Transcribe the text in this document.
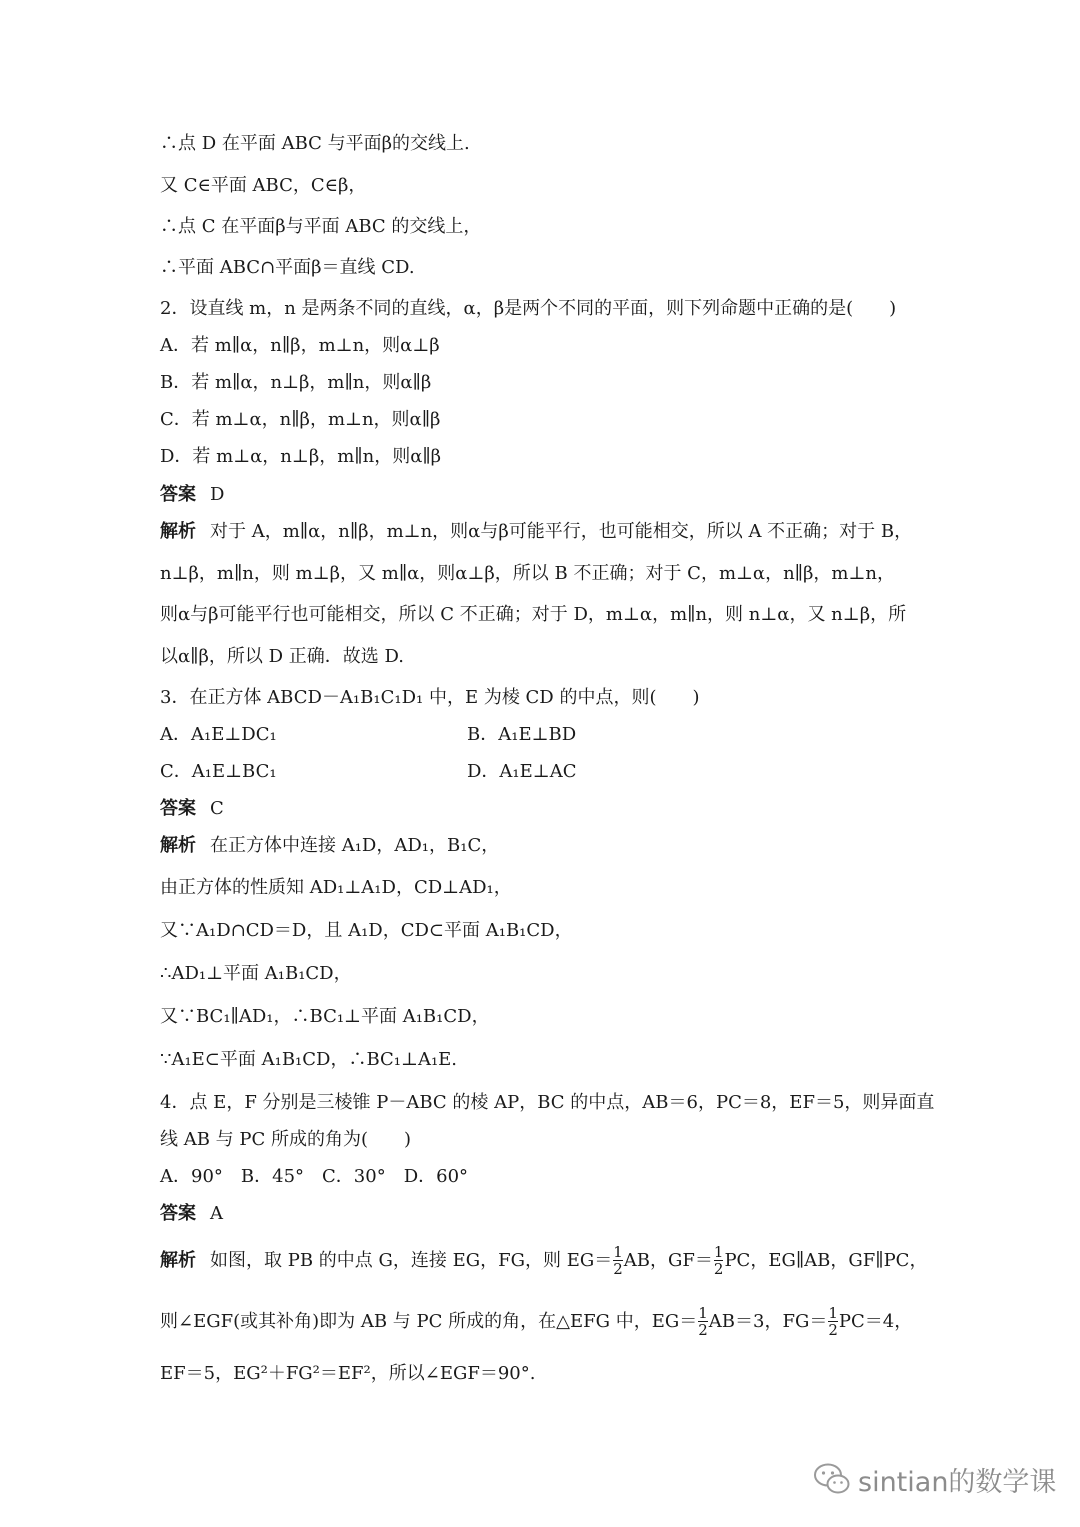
∴点 D 在平面 ABC 与平面β的交线上.
又 C∈平面 ABC，C∈β，
∴点 C 在平面β与平面 ABC 的交线上，
∴平面 ABC∩平面β＝直线 CD.
2．设直线 m，n 是两条不同的直线，α，β是两个不同的平面，则下列命题中正确的是(　　)
A．若 m∥α，n∥β，m⊥n，则α⊥β
B．若 m∥α，n⊥β，m∥n，则α∥β
C．若 m⊥α，n∥β，m⊥n，则α∥β
D．若 m⊥α，n⊥β，m∥n，则α∥β
答案 D
解析 对于 A，m∥α，n∥β，m⊥n，则α与β可能平行，也可能相交，所以 A 不正确；对于 B，
n⊥β，m∥n，则 m⊥β，又 m∥α，则α⊥β，所以 B 不正确；对于 C，m⊥α，n∥β，m⊥n，
则α与β可能平行也可能相交，所以 C 不正确；对于 D，m⊥α，m∥n，则 n⊥α，又 n⊥β，所
以α∥β，所以 D 正确．故选 D.
3．在正方体 ABCD－A₁B₁C₁D₁ 中，E 为棱 CD 的中点，则(　　)
A．A₁E⊥DC₁	B．A₁E⊥BD
C．A₁E⊥BC₁	D．A₁E⊥AC
答案 C
解析 在正方体中连接 A₁D，AD₁，B₁C，
由正方体的性质知 AD₁⊥A₁D，CD⊥AD₁，
又∵A₁D∩CD＝D，且 A₁D，CD⊂平面 A₁B₁CD，
∴AD₁⊥平面 A₁B₁CD，
又∵BC₁∥AD₁，∴BC₁⊥平面 A₁B₁CD，
∵A₁E⊂平面 A₁B₁CD，∴BC₁⊥A₁E.
4．点 E，F 分别是三棱锥 P－ABC 的棱 AP，BC 的中点，AB＝6，PC＝8，EF＝5，则异面直
线 AB 与 PC 所成的角为(　　)
A．90°　B．45°　C．30°　D．60°
答案 A
解析 如图，取 PB 的中点 G，连接 EG，FG，则 $EG= \frac{1}{2}$ AB，$GF= \frac{1}{2}$ PC，EG∥AB，GF∥PC，
则∠EGF(或其补角)即为 AB 与 PC 所成的角，在△EFG 中，$EG= \frac{1}{2} AB=3$，$FG= \frac{1}{2} PC=4$，
EF＝5，EG²＋FG²＝EF²，所以∠EGF＝90°.
sintian的数学课
